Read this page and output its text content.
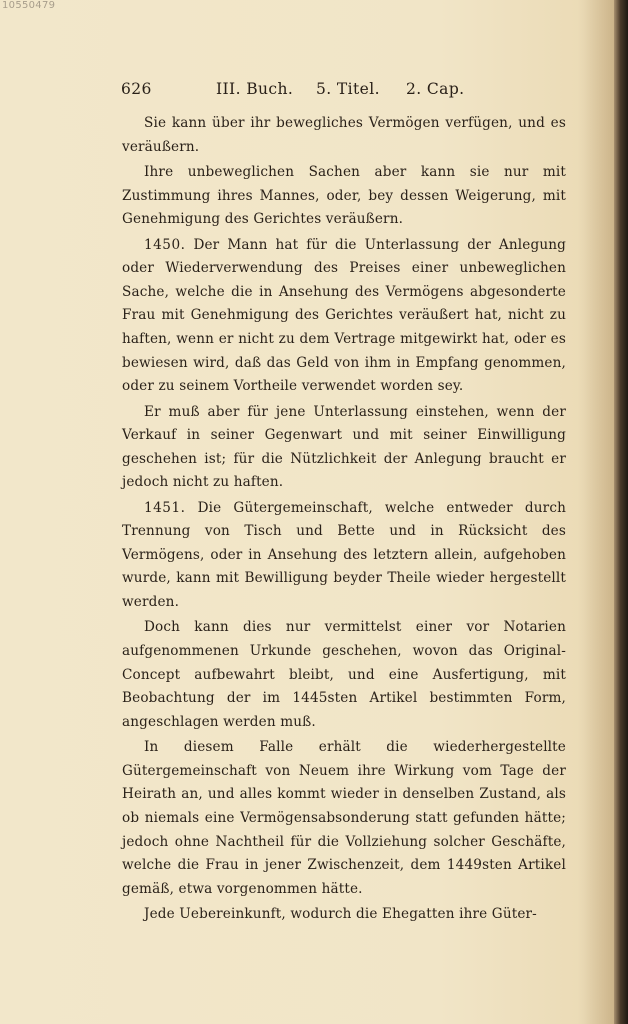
10550479
626	III. Buch. 5. Titel. 2. Cap.

Sie kann über ihr bewegliches Vermögen verfügen, und es veräußern.

Ihre unbeweglichen Sachen aber kann sie nur mit Zustimmung ihres Mannes, oder, bey dessen Weigerung, mit Genehmigung des Gerichtes veräußern.

1450. Der Mann hat für die Unterlassung der Anlegung oder Wiederverwendung des Preises einer unbeweglichen Sache, welche die in Ansehung des Vermögens abgesonderte Frau mit Genehmigung des Gerichtes veräußert hat, nicht zu haften, wenn er nicht zu dem Vertrage mitgewirkt hat, oder es bewiesen wird, daß das Geld von ihm in Empfang genommen, oder zu seinem Vortheile verwendet worden sey.

Er muß aber für jene Unterlassung einstehen, wenn der Verkauf in seiner Gegenwart und mit seiner Einwilligung geschehen ist; für die Nützlichkeit der Anlegung braucht er jedoch nicht zu haften.

1451. Die Gütergemeinschaft, welche entweder durch Trennung von Tisch und Bette und in Rücksicht des Vermögens, oder in Ansehung des letztern allein, aufgehoben wurde, kann mit Bewilligung beyder Theile wieder hergestellt werden.

Doch kann dies nur vermittelst einer vor Notarien aufgenommenen Urkunde geschehen, wovon das Original-Concept aufbewahrt bleibt, und eine Ausfertigung, mit Beobachtung der im 1445sten Artikel bestimmten Form, angeschlagen werden muß.

In diesem Falle erhält die wiederhergestellte Gütergemeinschaft von Neuem ihre Wirkung vom Tage der Heirath an, und alles kommt wieder in denselben Zustand, als ob niemals eine Vermögensabsonderung statt gefunden hätte; jedoch ohne Nachtheil für die Vollziehung solcher Geschäfte, welche die Frau in jener Zwischenzeit, dem 1449sten Artikel gemäß, etwa vorgenommen hätte.

Jede Uebereinkunft, wodurch die Ehegatten ihre Güter-
